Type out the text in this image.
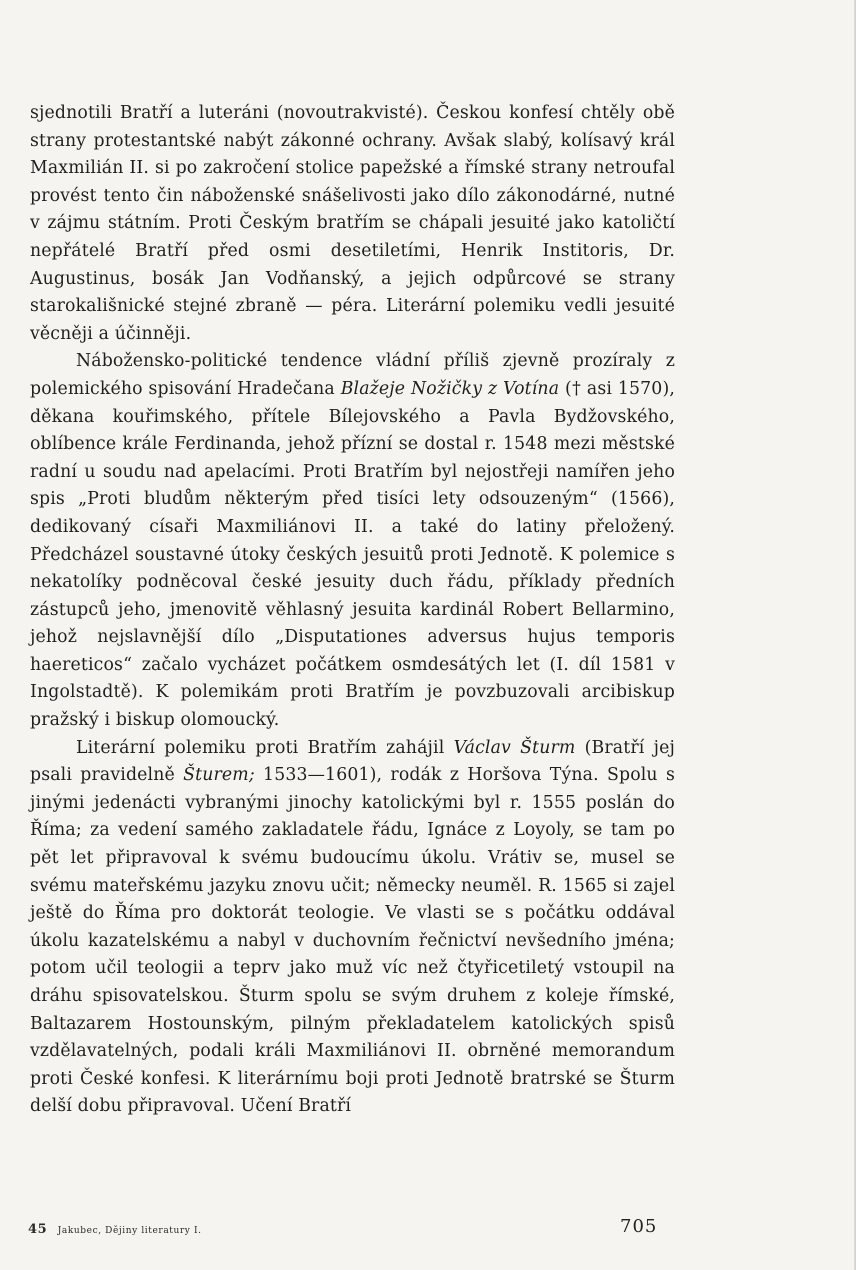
sjednotili Bratří a luteráni (novoutrakvisté). Českou konfesí chtěly obě strany protestantské nabýt zákonné ochrany. Avšak slabý, kolísavý král Maxmilián II. si po zakročení stolice papežské a římské strany netroufal provést tento čin náboženské snášelivosti jako dílo zákonodárné, nutné v zájmu státním. Proti Českým bratřím se chápali jesuité jako katoličtí nepřátelé Bratří před osmi desetiletími, Henrik Institoris, Dr. Augustinus, bosák Jan Vodňanský, a jejich odpůrcové se strany starokališnické stejné zbraně — péra. Literární polemiku vedli jesuité věcněji a účinněji.

Nábožensko-politické tendence vládní příliš zjevně prozíraly z polemického spisování Hradečana Blažeje Nožičky z Votína († asi 1570), děkana kouřimského, přítele Bílejovského a Pavla Bydžovského, oblíbence krále Ferdinanda, jehož přízní se dostal r. 1548 mezi městské radní u soudu nad apelacími. Proti Bratřím byl nejostřeji namířen jeho spis „Proti bludům některým před tisíci lety odsouzeným“ (1566), dedikovaný císaři Maxmiliánovi II. a také do latiny přeložený. Předcházel soustavné útoky českých jesuitů proti Jednotě. K polemice s nekatolíky podněcoval české jesuity duch řádu, příklady předních zástupců jeho, jmenovitě věhlasný jesuita kardinál Robert Bellarmino, jehož nejslavnější dílo „Disputationes adversus hujus temporis haereticos“ začalo vycházet počátkem osmdesátých let (I. díl 1581 v Ingolstadtě). K polemikám proti Bratřím je povzbuzovali arcibiskup pražský i biskup olomoucký.

Literární polemiku proti Bratřím zahájil Václav Šturm (Bratří jej psali pravidelně Šturem; 1533—1601), rodák z Horšova Týna. Spolu s jinými jedenácti vybranými jinochy katolickými byl r. 1555 poslán do Říma; za vedení samého zakladatele řádu, Ignáce z Loyoly, se tam po pět let připravoval k svému budoucímu úkolu. Vrátiv se, musel se svému mateřskému jazyku znovu učit; německy neuměl. R. 1565 si zajel ještě do Říma pro doktorát teologie. Ve vlasti se s počátku oddával úkolu kazatelskému a nabyl v duchovním řečnictví nevšedního jména; potom učil teologii a teprv jako muž víc než čtyřicetiletý vstoupil na dráhu spisovatelskou. Šturm spolu se svým druhem z koleje římské, Baltazarem Hostounským, pilným překladatelem katolických spisů vzdělavatelných, podali králi Maxmiliánovi II. obrněné memorandum proti České konfesi. K literárnímu boji proti Jednotě bratrské se Šturm delší dobu připravoval. Učení Bratří

45 Jakubec, Dějiny literatury I.	705
